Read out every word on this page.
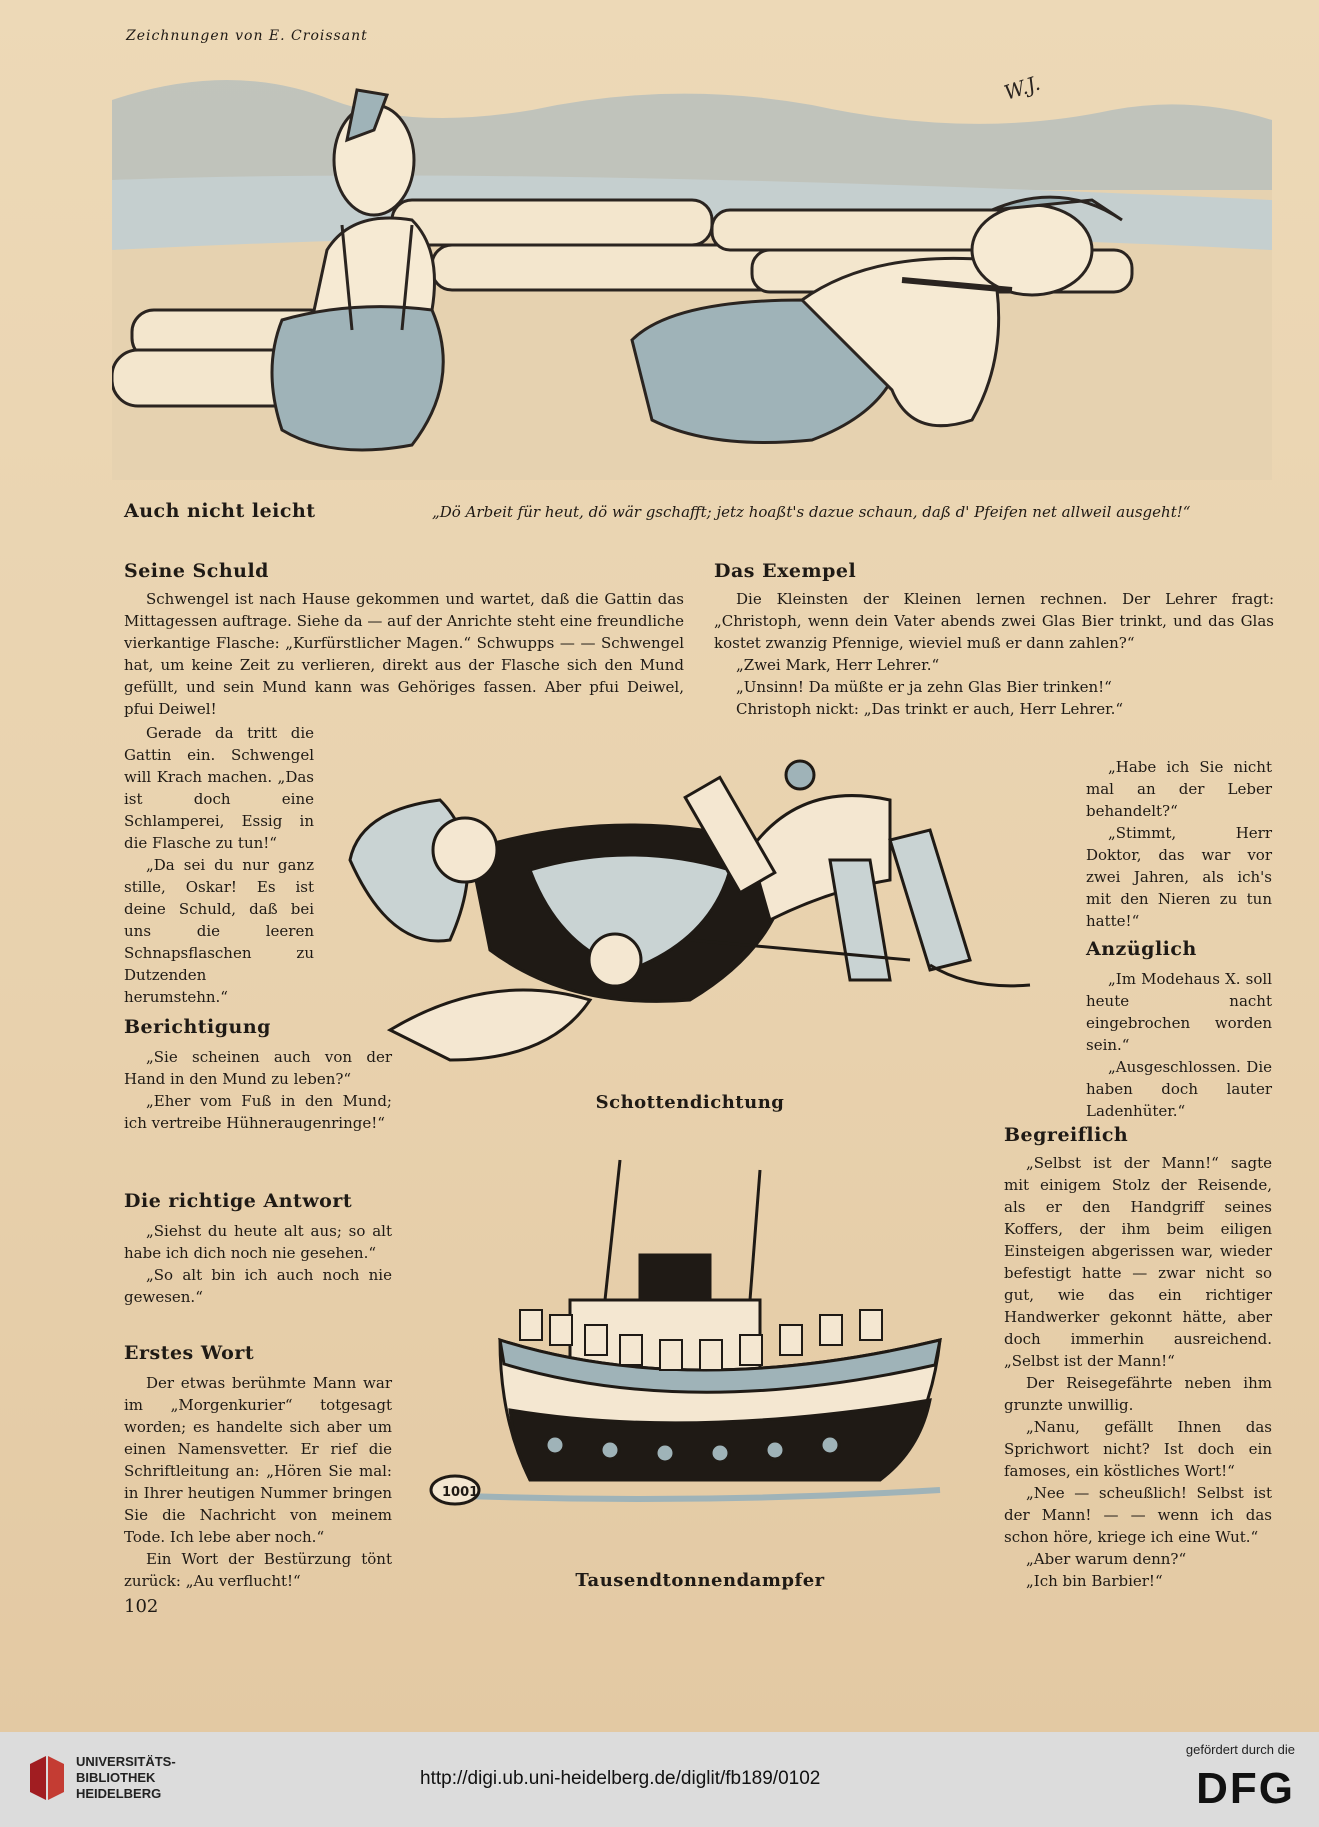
Zeichnungen von E. Croissant
W.J.
Auch nicht leicht	„Dö Arbeit für heut, dö wär gschafft; jetz hoaßt's dazue schaun, daß d' Pfeifen net allweil ausgeht!“
Seine Schuld

Schwengel ist nach Hause gekommen und wartet, daß die Gattin das Mittagessen auftrage. Siehe da — auf der Anrichte steht eine freundliche vierkantige Flasche: „Kurfürstlicher Magen.“ Schwupps — — Schwengel hat, um keine Zeit zu verlieren, direkt aus der Flasche sich den Mund gefüllt, und sein Mund kann was Gehöriges fassen. Aber pfui Deiwel, pfui Deiwel!

Gerade da tritt die Gattin ein. Schwengel will Krach machen. „Das ist doch eine Schlamperei, Essig in die Flasche zu tun!“

„Da sei du nur ganz stille, Oskar! Es ist deine Schuld, daß bei uns die leeren Schnapsflaschen zu Dutzenden herumstehn.“

Berichtigung

„Sie scheinen auch von der Hand in den Mund zu leben?“

„Eher vom Fuß in den Mund; ich vertreibe Hühneraugenringe!“

Die richtige Antwort

„Siehst du heute alt aus; so alt habe ich dich noch nie gesehen.“

„So alt bin ich auch noch nie gewesen.“

Erstes Wort

Der etwas berühmte Mann war im „Morgenkurier“ totgesagt worden; es handelte sich aber um einen Namensvetter. Er rief die Schriftleitung an: „Hören Sie mal: in Ihrer heutigen Nummer bringen Sie die Nachricht von meinem Tode. Ich lebe aber noch.“

Ein Wort der Bestürzung tönt zurück: „Au verflucht!“

Das Exempel

Die Kleinsten der Kleinen lernen rechnen. Der Lehrer fragt: „Christoph, wenn dein Vater abends zwei Glas Bier trinkt, und das Glas kostet zwanzig Pfennige, wieviel muß er dann zahlen?“

„Zwei Mark, Herr Lehrer.“

„Unsinn! Da müßte er ja zehn Glas Bier trinken!“

Christoph nickt: „Das trinkt er auch, Herr Lehrer.“

Schottendichtung

„Habe ich Sie nicht mal an der Leber behandelt?“

„Stimmt, Herr Doktor, das war vor zwei Jahren, als ich's mit den Nieren zu tun hatte!“

Anzüglich

„Im Modehaus X. soll heute nacht eingebrochen worden sein.“

„Ausgeschlossen. Die haben doch lauter Ladenhüter.“

Begreiflich

„Selbst ist der Mann!“ sagte mit einigem Stolz der Reisende, als er den Handgriff seines Koffers, der ihm beim eiligen Einsteigen abgerissen war, wieder befestigt hatte — zwar nicht so gut, wie das ein richtiger Handwerker gekonnt hätte, aber doch immerhin ausreichend. „Selbst ist der Mann!“

Der Reisegefährte neben ihm grunzte unwillig.

„Nanu, gefällt Ihnen das Sprichwort nicht? Ist doch ein famoses, ein köstliches Wort!“

„Nee — scheußlich! Selbst ist der Mann! — — wenn ich das schon höre, kriege ich eine Wut.“

„Aber warum denn?“

„Ich bin Barbier!“

1001
Tausendtonnendampfer
102
UNIVERSITÄTS-
BIBLIOTHEK
HEIDELBERG
http://digi.ub.uni-heidelberg.de/diglit/fb189/0102
gefördert durch die
DFG
